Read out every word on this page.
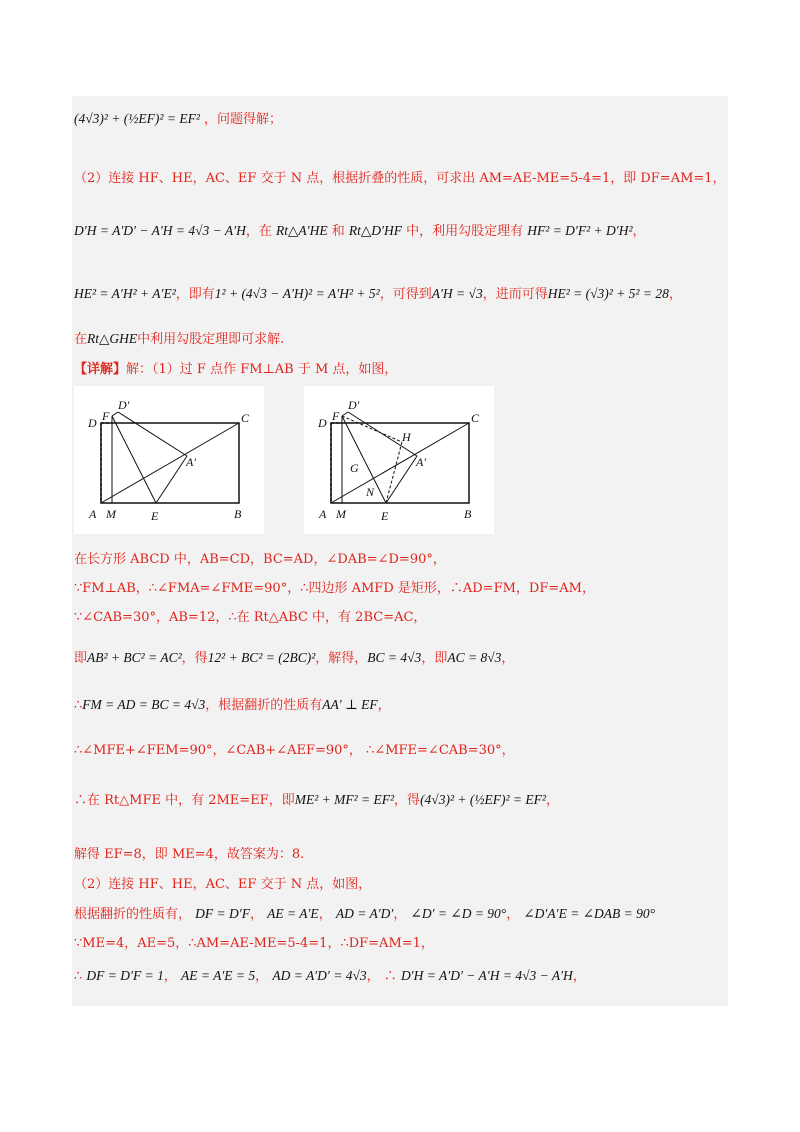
(4√3)² + (½EF)² = EF² ，问题得解；
（2）连接 HF、HE，AC、EF 交于 N 点，根据折叠的性质，可求出 AM=AE-ME=5-4=1，即 DF=AM=1，
D′H = A′D′ − A′H = 4√3 − A′H，在 Rt△A′HE 和 Rt△D′HF 中，利用勾股定理有 HF² = D′F² + D′H²，
HE² = A′H² + A′E²，即有1² + (4√3 − A′H)² = A′H² + 5²，可得到A′H = √3，进而可得HE² = (√3)² + 5² = 28，
在Rt△GHE中利用勾股定理即可求解.
【详解】解：（1）过 F 点作 FM⊥AB 于 M 点，如图，
D
D′
F	C
A′
A M	E	B
D
D′
F	C
H
G	A′
N
A M	E	B
在长方形 ABCD 中，AB=CD，BC=AD，∠DAB=∠D=90°，
∵FM⊥AB，∴∠FMA=∠FME=90°，∴四边形 AMFD 是矩形，∴AD=FM，DF=AM，
∵∠CAB=30°，AB=12，∴在 Rt△ABC 中，有 2BC=AC，
即AB² + BC² = AC²，得12² + BC² = (2BC)²，解得，BC = 4√3，即AC = 8√3，
∴FM = AD = BC = 4√3，根据翻折的性质有AA′ ⊥ EF，
∴∠MFE+∠FEM=90°，∠CAB+∠AEF=90°， ∴∠MFE=∠CAB=30°，
∴在 Rt△MFE 中，有 2ME=EF，即ME² + MF² = EF²，得(4√3)² + (½EF)² = EF²，
解得 EF=8，即 ME=4，故答案为：8.
（2）连接 HF、HE，AC、EF 交于 N 点，如图，
根据翻折的性质有， DF = D′F， AE = A′E， AD = A′D′， ∠D′ = ∠D = 90°， ∠D′A′E = ∠DAB = 90°
∵ME=4，AE=5，∴AM=AE-ME=5-4=1，∴DF=AM=1，
∴ DF = D′F = 1， AE = A′E = 5， AD = A′D′ = 4√3， ∴ D′H = A′D′ − A′H = 4√3 − A′H，
